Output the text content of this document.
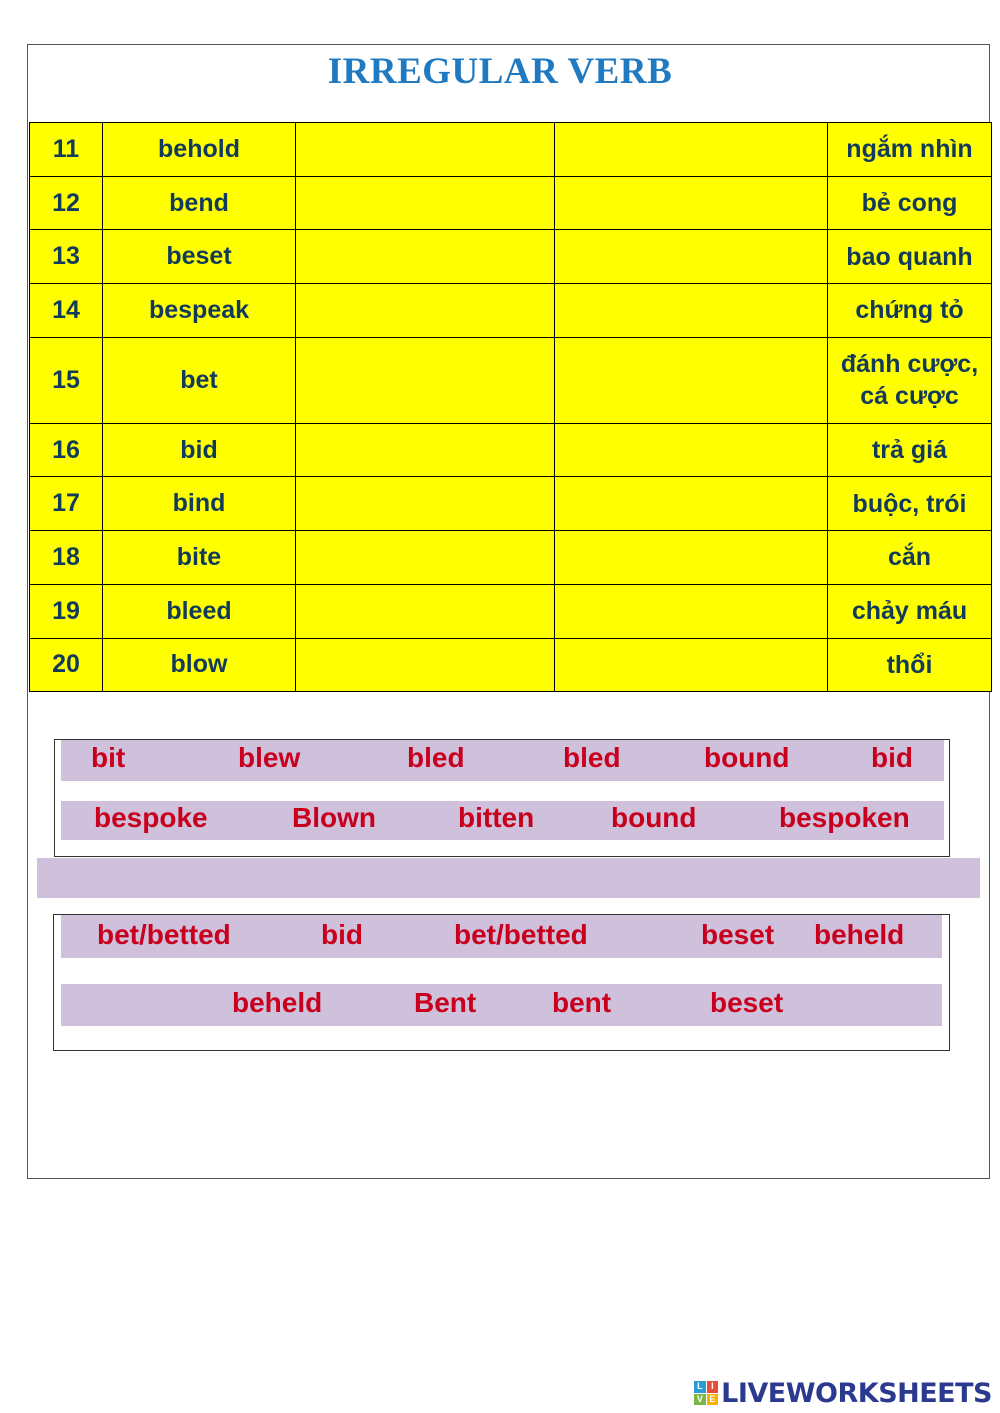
IRREGULAR VERB
11	behold			ngắm nhìn
12	bend			bẻ cong
13	beset			bao quanh
14	bespeak			chứng tỏ
15	bet			đánh cược,
cá cược

16	bid			trả giá
17	bind			buộc, trói
18	bite			cắn
19	bleed			chảy máu
20	blow			thổi
bit	blew	bled	bled	bound	bid
bespoke	Blown	bitten	bound	bespoken
bet/betted	bid	bet/betted	beset beheld
beheld	Bent	bent	beset
L I
V E LIVEWORKSHEETS
